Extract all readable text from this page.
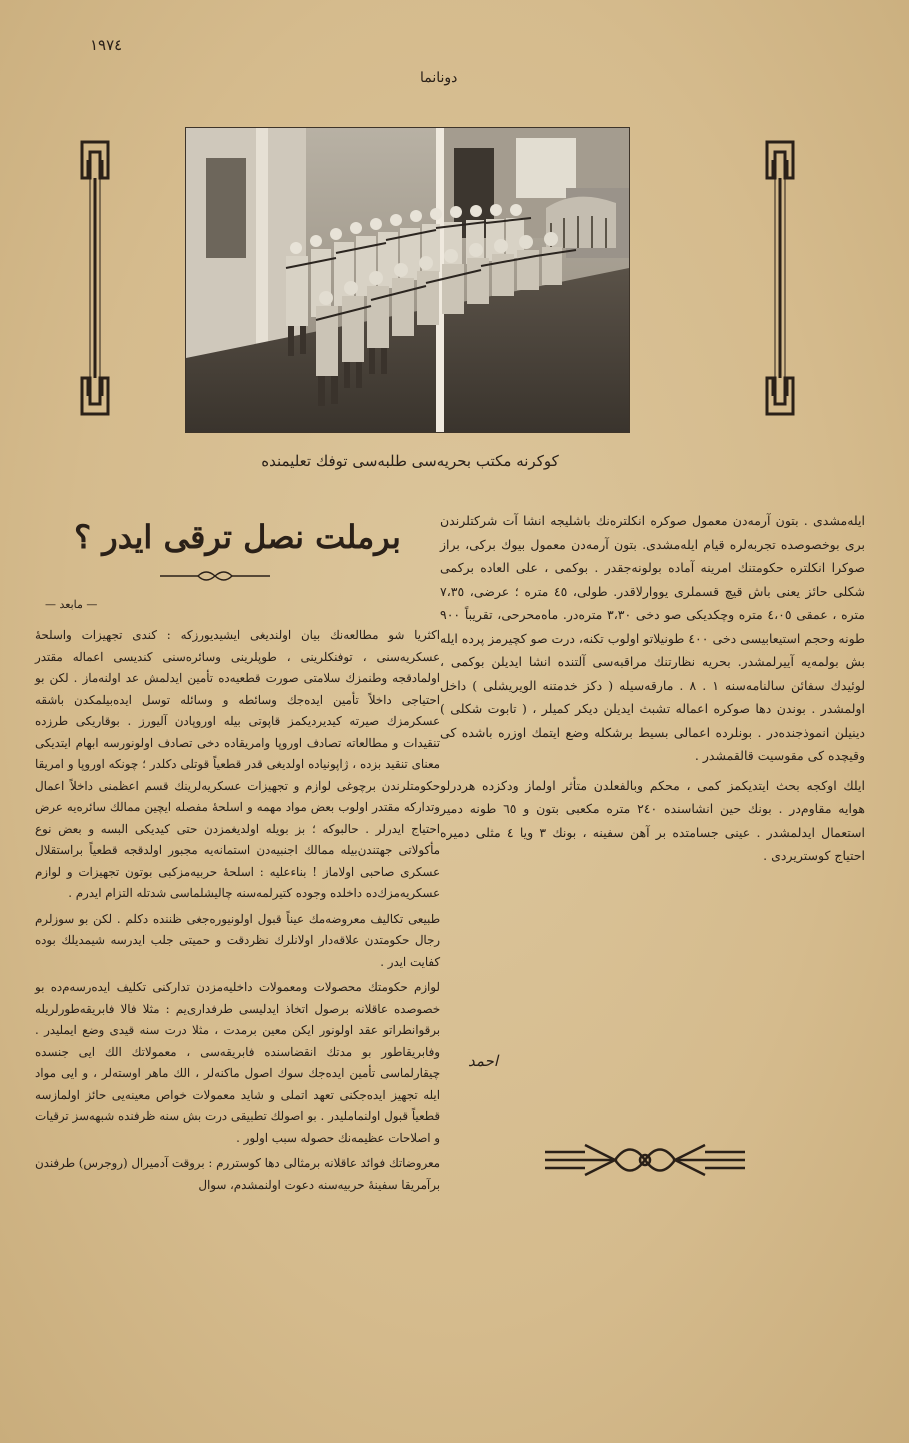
١٩٧٤
دونانما
کوکرنه مکتب بحریه‌سی طلبه‌سی توفك تعلیمنده

ایله‌مشدی . بتون آرمه‌دن معمول صوکره انکلترەنك باشلیجه انشا آت شرکتلرندن بری بوخصوصده تجربه‌لره قیام ایله‌مشدی. بتون آرمه‌دن معمول بیوك بركی، براز صوکرا انکلتره حکومتنك امرینه آماده بولونه‌جقدر . بوکمی ، علی العاده برکمی شکلی حائز یعنی باش قیچ قسملری یووارلاقدر. طولی، ٤٥ متره ؛ عرضی، ٧،٣٥ متره ، عمقی ٤،٠٥ متره وچکدیکی صو دخی ٣،٣٠ متره‌در. ماەمحرحی، تقریباً ٩٠٠ طونه وحجم استیعابیسی دخی ٤٠٠ طونیلاتو اولوب تکنه، درت صو کچیرمز پرده ایله بش بولمه‌یه آییرلمشدر. بحریه نظارتنك مراقبه‌سی آلتنده انشا ایدیلن بوکمی ، لوئیدك سفائن سالنامه‌سنه ١ . ٨ . مارقه‌سیله ( دکز خدمتنه الویریشلی ) داخل اولمشدر . بوندن دها صوکره اعماله تشبث ایدیلن دیکر کمیلر ، ( تابوت شکلی ) دینیلن انموذجنده‌در . بونلرده اعمالی بسیط برشکله وضع ایتمك اوزره باشده کی وقیچده کی مقوسیت قالقمشدر .

ایلك اوکجه بحث ایتدیکمز کمی ، محکم وبالفعلدن متأثر اولماز ودکزده هردرلو هوایه مقاوم‌در . بونك حین انشاسنده ٢٤٠ متره مکعبی بتون و ٦٥ طونه دمیر استعمال ایدلمشدر . عینی جسامتده بر آهن سفینه ، بونك ٣ ویا ٤ مثلی دمیره احتیاج کوستریردی .

احمد
برملت نصل ترقی ایدر ؟
— مابعد —

اکثریا شو مطالعه‌نك بیان اولندیغی ایشیدیورزکه : کندی تجهیزات واسلحۀ عسکریه‌سنی ، توفنکلرینی ، طوپلرینی وسائره‌سنی کندیسی اعماله مقتدر اولمادقجه وطنمزك سلامتی صورت قطعیه‌ده تأمین ایدلمش عد اولنه‌ماز . لکن بو احتیاجی داخلاً تأمین ایده‌جك وسائطه و وسائله توسل ایده‌بیلمکدن باشقه عسکرمزك صیرته کیدیردیکمز قاپوتی بیله اوروپادن آلیورز . بوقاریکی طرزده تنقیدات و مطالعاته تصادف اوروپا وامریقاده دخی تصادف اولونورسه ابهام ایتدیکی معنای تنقید بزده ، ژاپونیاده اولدیغی قدر قطعیاً قوتلی دکلدر ؛ چونکه اوروپا و امریقا حکومتلرندن برچوغی لوازم و تجهیزات عسکریه‌لرینك قسم اعظمنی داخلاً اعمال وتدارکه مقتدر اولوب بعض مواد مهمه و اسلحۀ مفصله ایچین ممالك سائره‌یه عرض احتیاج ایدرلر . حالبوکه ؛ بز بویله اولدیغمزدن حتی کیدیکی البسه و بعض نوع مأکولاتی جهتندن‌بیله ممالك اجنبیه‌دن استمانه‌یه مجبور اولدقجه قطعیاً براستقلال عسکری صاحبی اولاماز ! بناءعلیه : اسلحۀ حربیه‌مزکبی بوتون تجهیزات و لوازم عسکریه‌مزك‌ده داخلده وجوده کتیرلمه‌سنه چالیشلماسی شدتله التزام ایدرم .

طبیعی تکالیف معروضه‌مك عیناً قبول اولونیوره‌جغی ظننده دکلم . لکن بو سوزلرم رجال حکومتدن علاقه‌دار اولانلرك نظردقت و حمیتی جلب ایدرسه شیمدیلك بوده کفایت ایدر .

لوازم حکومتك محصولات ومعمولات داخلیه‌مزدن تدارکنی تکلیف ایده‌رسه‌م‌ده بو خصوصده عاقلانه برصول اتخاذ ایدلیسی طرفداری‌یم : مثلا فالا فابریقه‌طورلریله برقوانطراتو عقد اولونور ایکن معین برمدت ، مثلا درت سنه قیدی وضع ایملیدر . وفابریقاطور بو مدتك انقضاسنده فابریقه‌سی ، معمولاتك الك ایی جنسده چیقارلماسی تأمین ایده‌جك سوك اصول ماکنه‌لر ، الك ماهر اوسته‌لر ، و ایی مواد ایله تجهیز ایده‌جکنی تعهد اتملی و شاید معمولات خواص معینه‌یی حائز اولمازسه قطعیاً قبول اولنماملیدر . بو اصولك تطبیقی درت بش سنه ظرفنده شبهه‌سز ترقیات و اصلاحات عظیمه‌نك حصوله سبب اولور .

معروضاتك فوائد عاقلانه برمثالی دها کوستررم : بروقت آدمیرال (روجرس) طرفندن برآمریقا سفینۀ حربیه‌سنه دعوت اولنمشدم، سوال
